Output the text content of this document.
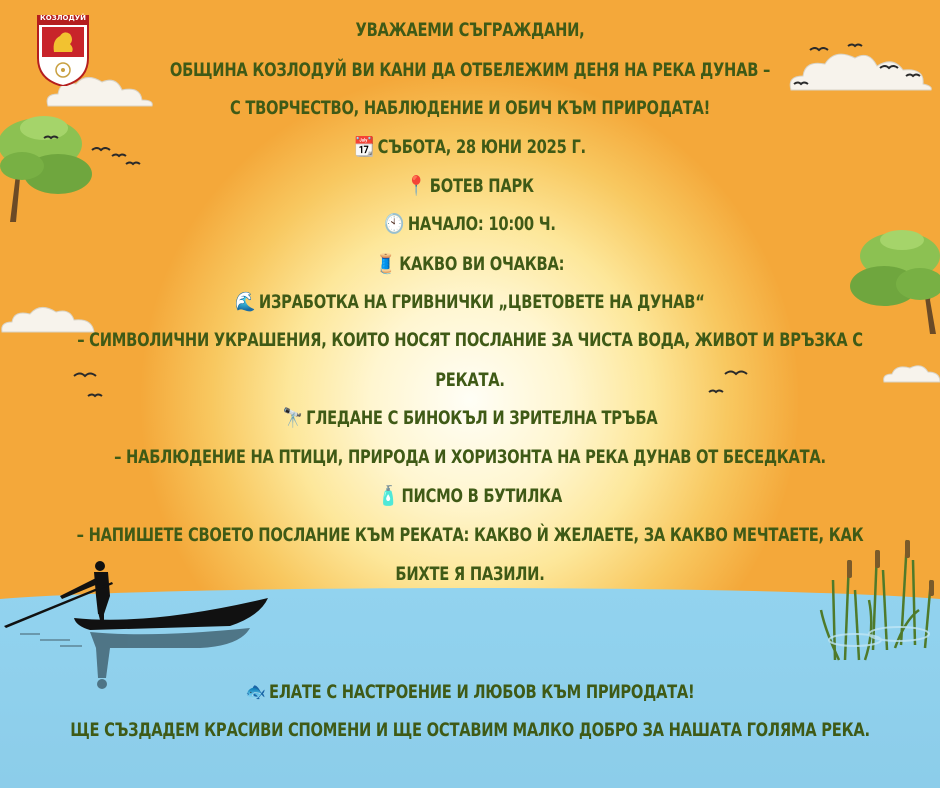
КОЗЛОДУЙ
УВАЖАЕМИ СЪГРАЖДАНИ,
ОБЩИНА КОЗЛОДУЙ ВИ КАНИ ДА ОТБЕЛЕЖИМ ДЕНЯ НА РЕКА ДУНАВ –
С ТВОРЧЕСТВО, НАБЛЮДЕНИЕ И ОБИЧ КЪМ ПРИРОДАТА!
📆 СЪБОТА, 28 ЮНИ 2025 Г.
📍 БОТЕВ ПАРК
🕙 НАЧАЛО: 10:00 Ч.
🧵 КАКВО ВИ ОЧАКВА:
🌊 ИЗРАБОТКА НА ГРИВНИЧКИ „ЦВЕТОВЕТЕ НА ДУНАВ“
– СИМВОЛИЧНИ УКРАШЕНИЯ, КОИТО НОСЯТ ПОСЛАНИЕ ЗА ЧИСТА ВОДА, ЖИВОТ И ВРЪЗКА С
РЕКАТА.
🔭 ГЛЕДАНЕ С БИНОКЪЛ И ЗРИТЕЛНА ТРЪБА
– НАБЛЮДЕНИЕ НА ПТИЦИ, ПРИРОДА И ХОРИЗОНТА НА РЕКА ДУНАВ ОТ БЕСЕДКАТА.
🧴 ПИСМО В БУТИЛКА
– НАПИШЕТЕ СВОЕТО ПОСЛАНИЕ КЪМ РЕКАТА: КАКВО Ѝ ЖЕЛАЕТЕ, ЗА КАКВО МЕЧТАЕТЕ, КАК
БИХТЕ Я ПАЗИЛИ.
🐟 ЕЛАТЕ С НАСТРОЕНИЕ И ЛЮБОВ КЪМ ПРИРОДАТА!
ЩЕ СЪЗДАДЕМ КРАСИВИ СПОМЕНИ И ЩЕ ОСТАВИМ МАЛКО ДОБРО ЗА НАШАТА ГОЛЯМА РЕКА.
